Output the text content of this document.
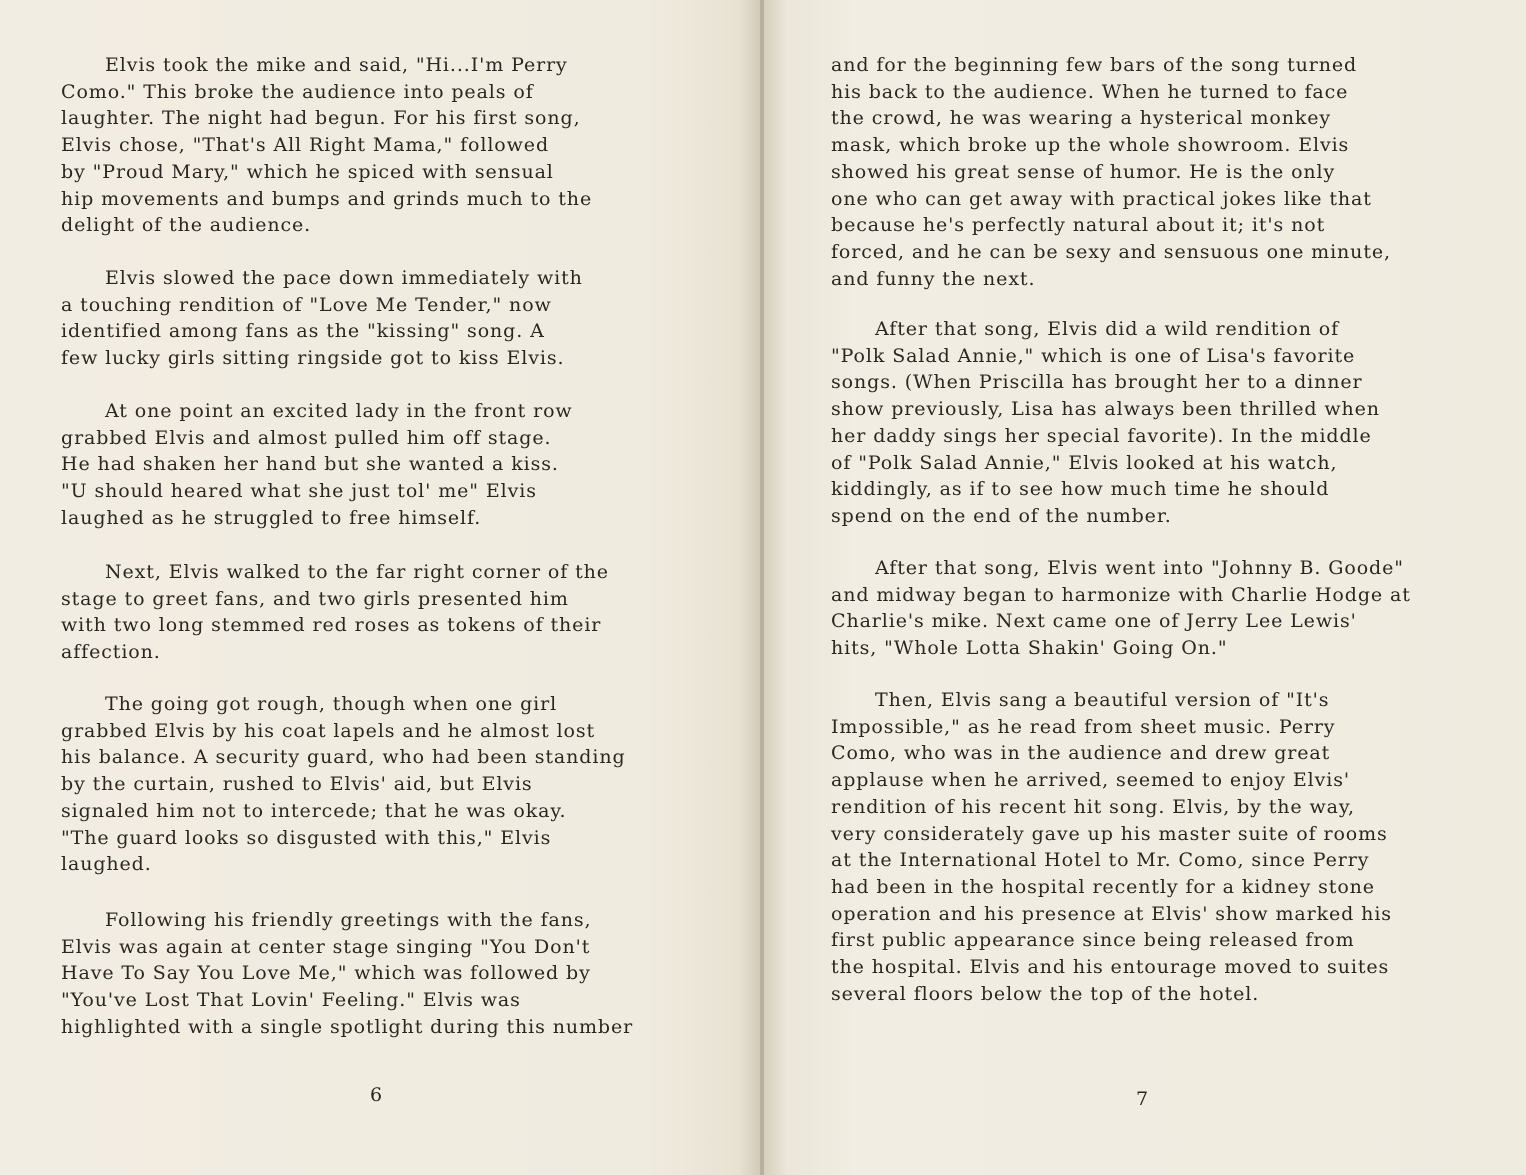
Elvis took the mike and said, "Hi...I'm Perry
Como." This broke the audience into peals of
laughter. The night had begun. For his first song,
Elvis chose, "That's All Right Mama," followed
by "Proud Mary," which he spiced with sensual
hip movements and bumps and grinds much to the
delight of the audience.
Elvis slowed the pace down immediately with
a touching rendition of "Love Me Tender," now
identified among fans as the "kissing" song. A
few lucky girls sitting ringside got to kiss Elvis.
At one point an excited lady in the front row
grabbed Elvis and almost pulled him off stage.
He had shaken her hand but she wanted a kiss.
"U should heared what she just tol' me" Elvis
laughed as he struggled to free himself.
Next, Elvis walked to the far right corner of the
stage to greet fans, and two girls presented him
with two long stemmed red roses as tokens of their
affection.
The going got rough, though when one girl
grabbed Elvis by his coat lapels and he almost lost
his balance. A security guard, who had been standing
by the curtain, rushed to Elvis' aid, but Elvis
signaled him not to intercede; that he was okay.
"The guard looks so disgusted with this," Elvis
laughed.
Following his friendly greetings with the fans,
Elvis was again at center stage singing "You Don't
Have To Say You Love Me," which was followed by
"You've Lost That Lovin' Feeling." Elvis was
highlighted with a single spotlight during this number

6

and for the beginning few bars of the song turned
his back to the audience. When he turned to face
the crowd, he was wearing a hysterical monkey
mask, which broke up the whole showroom. Elvis
showed his great sense of humor. He is the only
one who can get away with practical jokes like that
because he's perfectly natural about it; it's not
forced, and he can be sexy and sensuous one minute,
and funny the next.
After that song, Elvis did a wild rendition of
"Polk Salad Annie," which is one of Lisa's favorite
songs. (When Priscilla has brought her to a dinner
show previously, Lisa has always been thrilled when
her daddy sings her special favorite). In the middle
of "Polk Salad Annie," Elvis looked at his watch,
kiddingly, as if to see how much time he should
spend on the end of the number.
After that song, Elvis went into "Johnny B. Goode"
and midway began to harmonize with Charlie Hodge at
Charlie's mike. Next came one of Jerry Lee Lewis'
hits, "Whole Lotta Shakin' Going On."
Then, Elvis sang a beautiful version of "It's
Impossible," as he read from sheet music. Perry
Como, who was in the audience and drew great
applause when he arrived, seemed to enjoy Elvis'
rendition of his recent hit song. Elvis, by the way,
very considerately gave up his master suite of rooms
at the International Hotel to Mr. Como, since Perry
had been in the hospital recently for a kidney stone
operation and his presence at Elvis' show marked his
first public appearance since being released from
the hospital. Elvis and his entourage moved to suites
several floors below the top of the hotel.

7
